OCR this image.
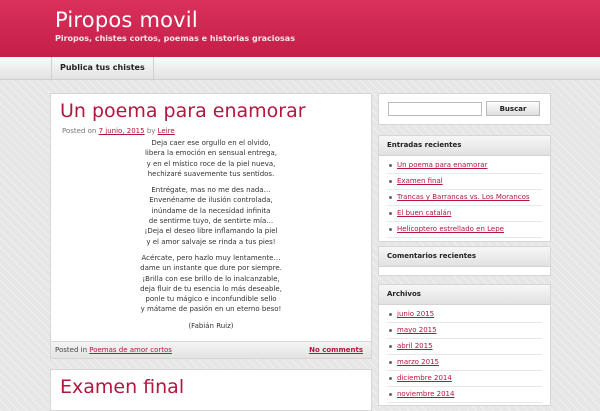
Piropos movil
Piropos, chistes cortos, poemas e historias graciosas
Publica tus chistes
Un poema para enamorar
Posted on 7 junio, 2015 by Leire
Deja caer ese orgullo en el olvido,
libera la emoción en sensual entrega,
y en el místico roce de la piel nueva,
hechizaré suavemente tus sentidos.
Entrégate, mas no me des nada…
Envenéname de ilusión controlada,
inúndame de la necesidad infinita
de sentirme tuyo, de sentirte mía…
¡Deja el deseo libre inflamando la piel
y el amor salvaje se rinda a tus pies!
Acércate, pero hazlo muy lentamente…
dame un instante que dure por siempre.
¡Brilla con ese brillo de lo inalcanzable,
deja fluir de tu esencia lo más deseable,
ponle tu mágico e inconfundible sello
y mátame de pasión en un eterno beso!
(Fabián Ruiz)
Posted in Poemas de amor cortos	No comments
Examen final
Buscar
Entradas recientes
Un poema para enamorar
Examen final
Trancas y Barrancas vs. Los Morancos
El buen catalán
Helicoptero estrellado en Lepe
Comentarios recientes
Archivos
junio 2015
mayo 2015
abril 2015
marzo 2015
diciembre 2014
noviembre 2014
